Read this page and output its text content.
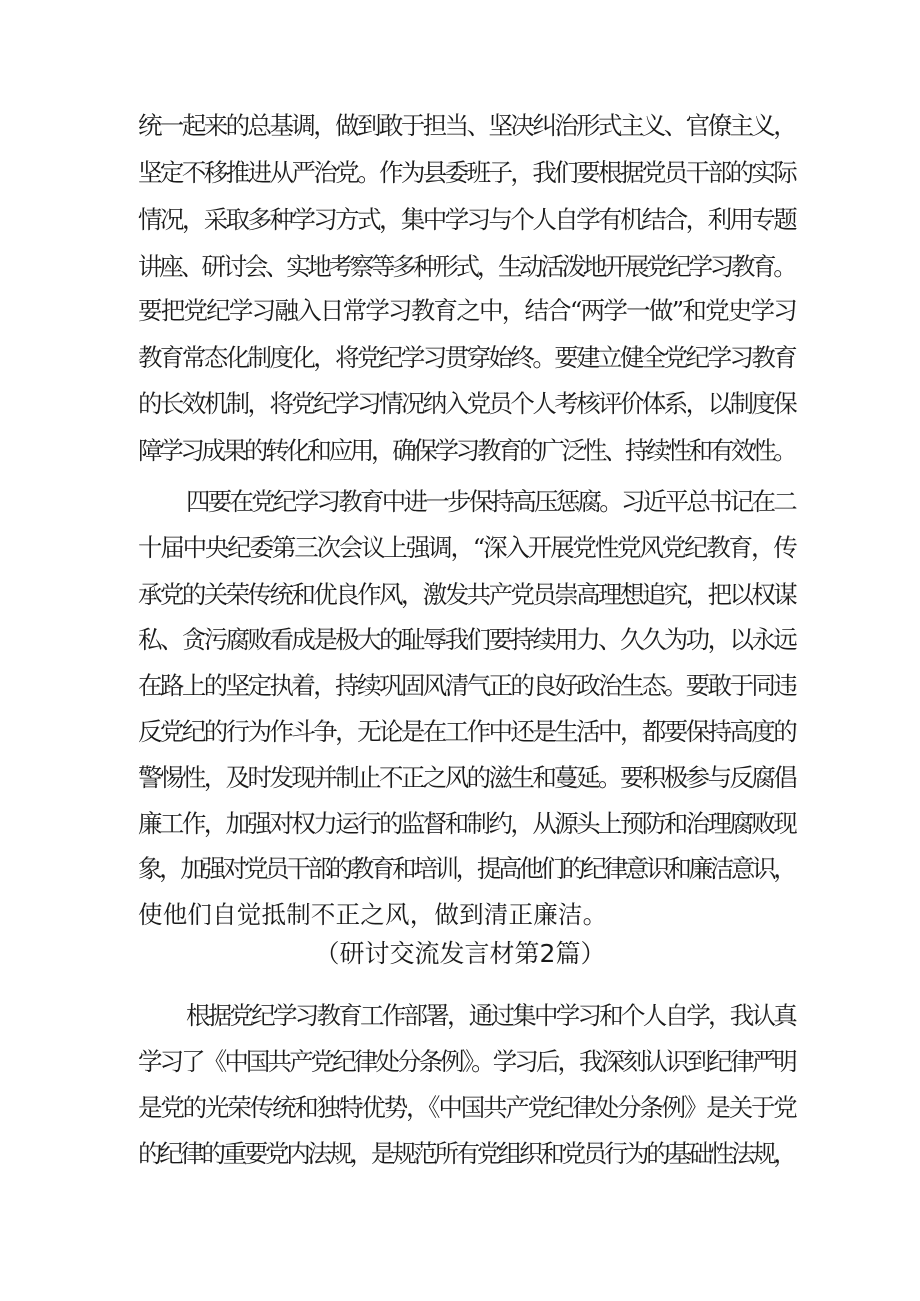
统一起来的总基调，做到敢于担当、坚决纠治形式主义、官僚主义，
坚定不移推进从严治党。作为县委班子，我们要根据党员干部的实际
情况，采取多种学习方式，集中学习与个人自学有机结合，利用专题
讲座、研讨会、实地考察等多种形式，生动活泼地开展党纪学习教育。
要把党纪学习融入日常学习教育之中，结合“两学一做”和党史学习
教育常态化制度化，将党纪学习贯穿始终。要建立健全党纪学习教育
的长效机制，将党纪学习情况纳入党员个人考核评价体系，以制度保
障学习成果的转化和应用，确保学习教育的广泛性、持续性和有效性。
四要在党纪学习教育中进一步保持高压惩腐。习近平总书记在二
十届中央纪委第三次会议上强调，“深入开展党性党风党纪教育，传
承党的关荣传统和优良作风，激发共产党员崇高理想追究，把以权谋
私、贪污腐败看成是极大的耻辱我们要持续用力、久久为功，以永远
在路上的坚定执着，持续巩固风清气正的良好政治生态。要敢于同违
反党纪的行为作斗争，无论是在工作中还是生活中，都要保持高度的
警惕性，及时发现并制止不正之风的滋生和蔓延。要积极参与反腐倡
廉工作，加强对权力运行的监督和制约，从源头上预防和治理腐败现
象，加强对党员干部的教育和培训，提高他们的纪律意识和廉洁意识，
使他们自觉抵制不正之风，做到清正廉洁。
（研讨交流发言材第2篇）
根据党纪学习教育工作部署，通过集中学习和个人自学，我认真
学习了《中国共产党纪律处分条例》。学习后，我深刻认识到纪律严明
是党的光荣传统和独特优势，《中国共产党纪律处分条例》是关于党
的纪律的重要党内法规，是规范所有党组织和党员行为的基础性法规，
